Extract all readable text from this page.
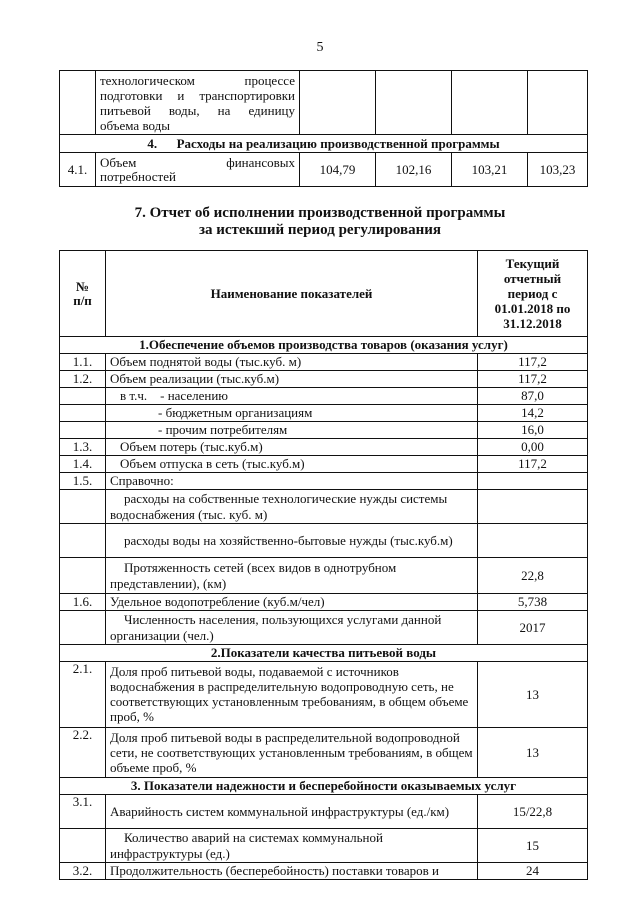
5

	технологическом процессе
подготовки и транспортировки
питьевой воды, на единицу
объема воды				

4.      Расходы на реализацию производственной программы					
4.1.	Объем финансовых
потребностей	104,79	102,16	103,21	103,23
7. Отчет об исполнении производственной программы
за истекший период регулирования
№
п/п	Наименование показателей	Текущий
отчетный
период с
01.01.2018 по
31.12.2018
1.Обеспечение объемов производства товаров (оказания услуг)		
1.1.	Объем поднятой воды (тыс.куб. м)	117,2
1.2.	Объем реализации (тыс.куб.м)	117,2
	в т.ч.    - населению	87,0
	- бюджетным организациям	14,2
	- прочим потребителям	16,0
1.3.	Объем потерь (тыс.куб.м)	0,00
1.4.	Объем отпуска в сеть (тыс.куб.м)	117,2
1.5.	Справочно:	
	расходы на собственные технологические нужды системы водоснабжения (тыс. куб. м)	
	расходы воды на хозяйственно-бытовые нужды (тыс.куб.м)	
	Протяженность сетей (всех видов в однотрубном представлении), (км)	22,8
1.6.	Удельное водопотребление (куб.м/чел)	5,738
	Численность населения, пользующихся услугами данной организации (чел.)	2017
2.Показатели качества питьевой воды		
2.1.	Доля проб питьевой воды, подаваемой с источников водоснабжения в распределительную водопроводную сеть, не соответствующих установленным требованиям, в общем объеме проб, %	13
2.2.	Доля проб питьевой воды в распределительной водопроводной сети, не соответствующих установленным требованиям, в общем объеме проб, %	13
3. Показатели надежности и бесперебойности оказываемых услуг		
3.1.	Аварийность систем коммунальной инфраструктуры (ед./км)	15/22,8
	Количество аварий на системах коммунальной инфраструктуры (ед.)	15
3.2.	Продолжительность (бесперебойность) поставки товаров и	24
